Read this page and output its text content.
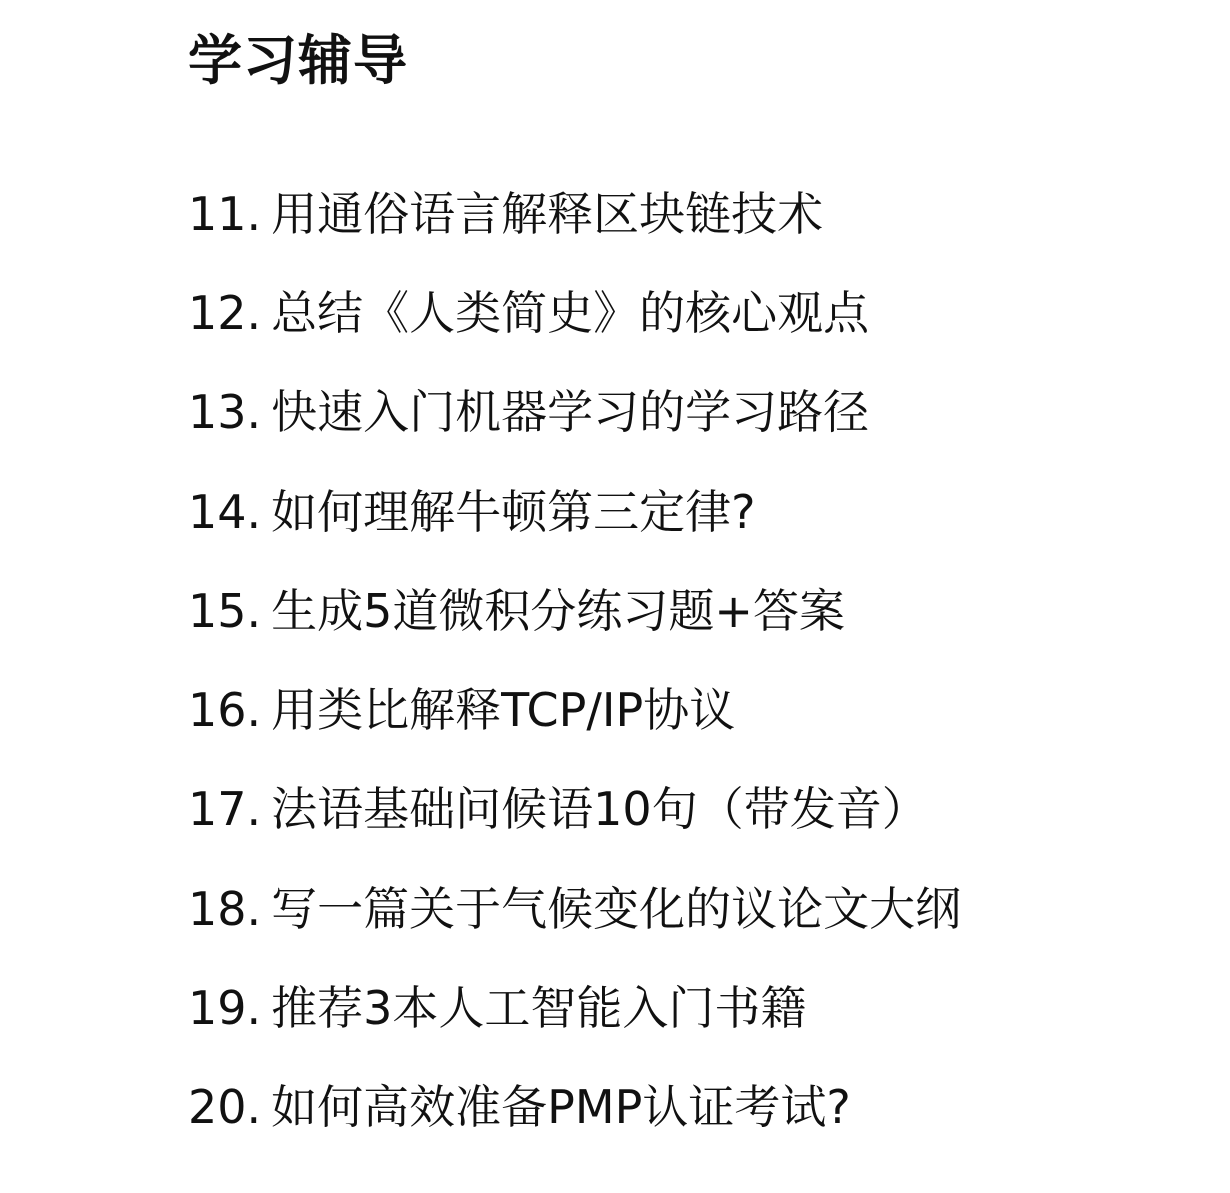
学习辅导
11. 用通俗语言解释区块链技术
12. 总结《人类简史》的核心观点
13. 快速入门机器学习的学习路径
14. 如何理解牛顿第三定律?
15. 生成5道微积分练习题+答案
16. 用类比解释TCP/IP协议
17. 法语基础问候语10句（带发音）
18. 写一篇关于气候变化的议论文大纲
19. 推荐3本人工智能入门书籍
20. 如何高效准备PMP认证考试?
